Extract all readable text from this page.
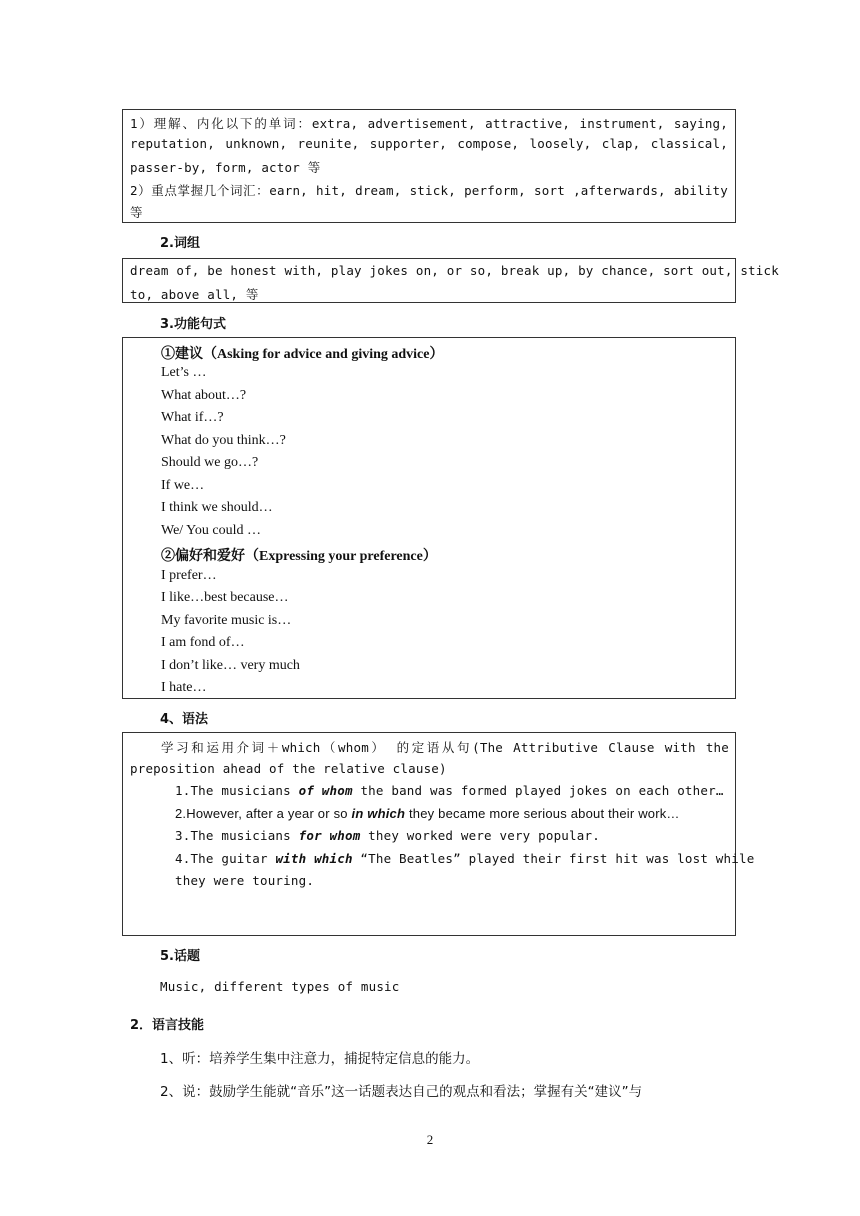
1）理解、内化以下的单词：extra, advertisement, attractive, instrument, saying,
reputation, unknown, reunite, supporter, compose, loosely, clap, classical,
passer-by, form, actor 等
2）重点掌握几个词汇：earn, hit, dream, stick, perform, sort ,afterwards, ability
等
2.词组
dream of, be honest with, play jokes on, or so, break up, by chance, sort out, stick
to, above all, 等
3.功能句式
①建议（Asking for advice and giving advice）
Let’s …
What about…?
What if…?
What do you think…?
Should we go…?
If we…
I think we should…
We/ You could …
②偏好和爱好（Expressing your preference）
I prefer…
I like…best because…
My favorite music is…
I am fond of…
I don’t like… very much
I hate…
4、语法
学习和运用介词＋which（whom） 的定语从句(The Attributive Clause with the
preposition ahead of the relative clause)
1.The musicians of whom the band was formed played jokes on each other…
2.However, after a year or so in which they became more serious about their work…
3.The musicians for whom they worked were very popular.
4.The guitar with which “The Beatles” played their first hit was lost while
they were touring.
5.话题
Music, different types of music
2．语言技能
1、听：培养学生集中注意力，捕捉特定信息的能力。
2、说：鼓励学生能就“音乐”这一话题表达自己的观点和看法；掌握有关“建议”与
2
